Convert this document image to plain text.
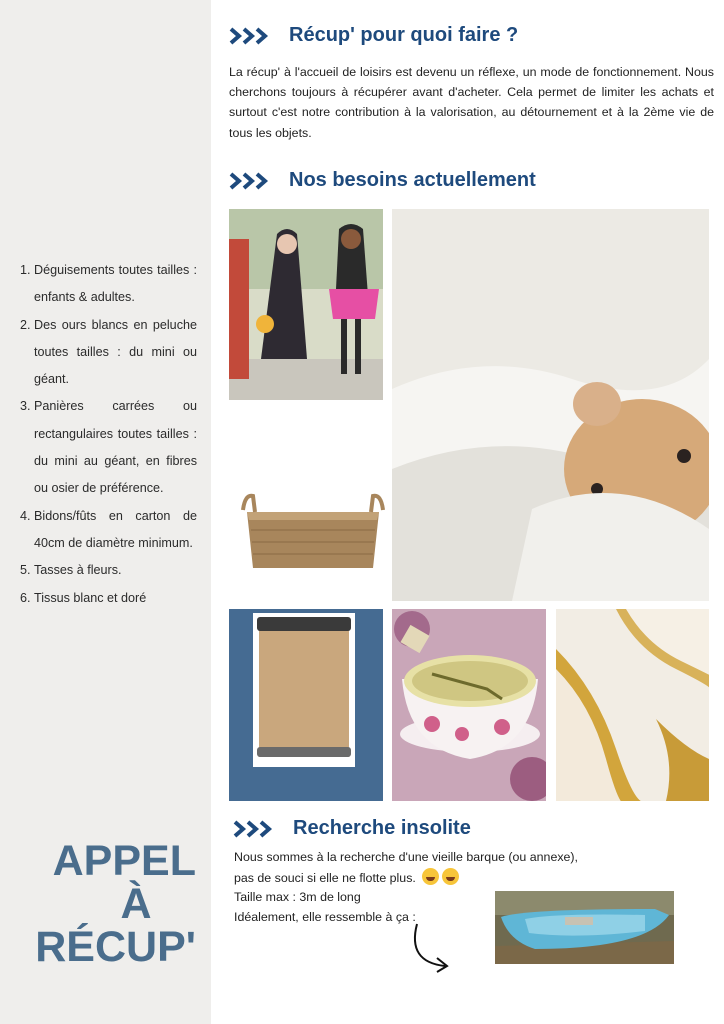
1. Déguisements toutes tailles : enfants & adultes.
2. Des ours blancs en peluche toutes tailles : du mini ou géant.
3. Panières carrées ou rectangulaires toutes tailles : du mini au géant, en fibres ou osier de préférence.
4. Bidons/fûts en carton de 40cm de diamètre minimum.
5. Tasses à fleurs.
6. Tissus blanc et doré
APPEL
À
RÉCUP'
Récup' pour quoi faire ?

La récup' à l'accueil de loisirs est devenu un réflexe, un mode de fonctionnement. Nous cherchons toujours à récupérer avant d'acheter. Cela permet de limiter les achats et surtout c'est notre contribution à la valorisation, au détournement et à la 2ème vie de tous les objets.

Nos besoins actuellement
Recherche insolite
Nous sommes à la recherche d'une vieille barque (ou annexe),
pas de souci si elle ne flotte plus.
Taille max : 3m de long
Idéalement, elle ressemble à ça :
